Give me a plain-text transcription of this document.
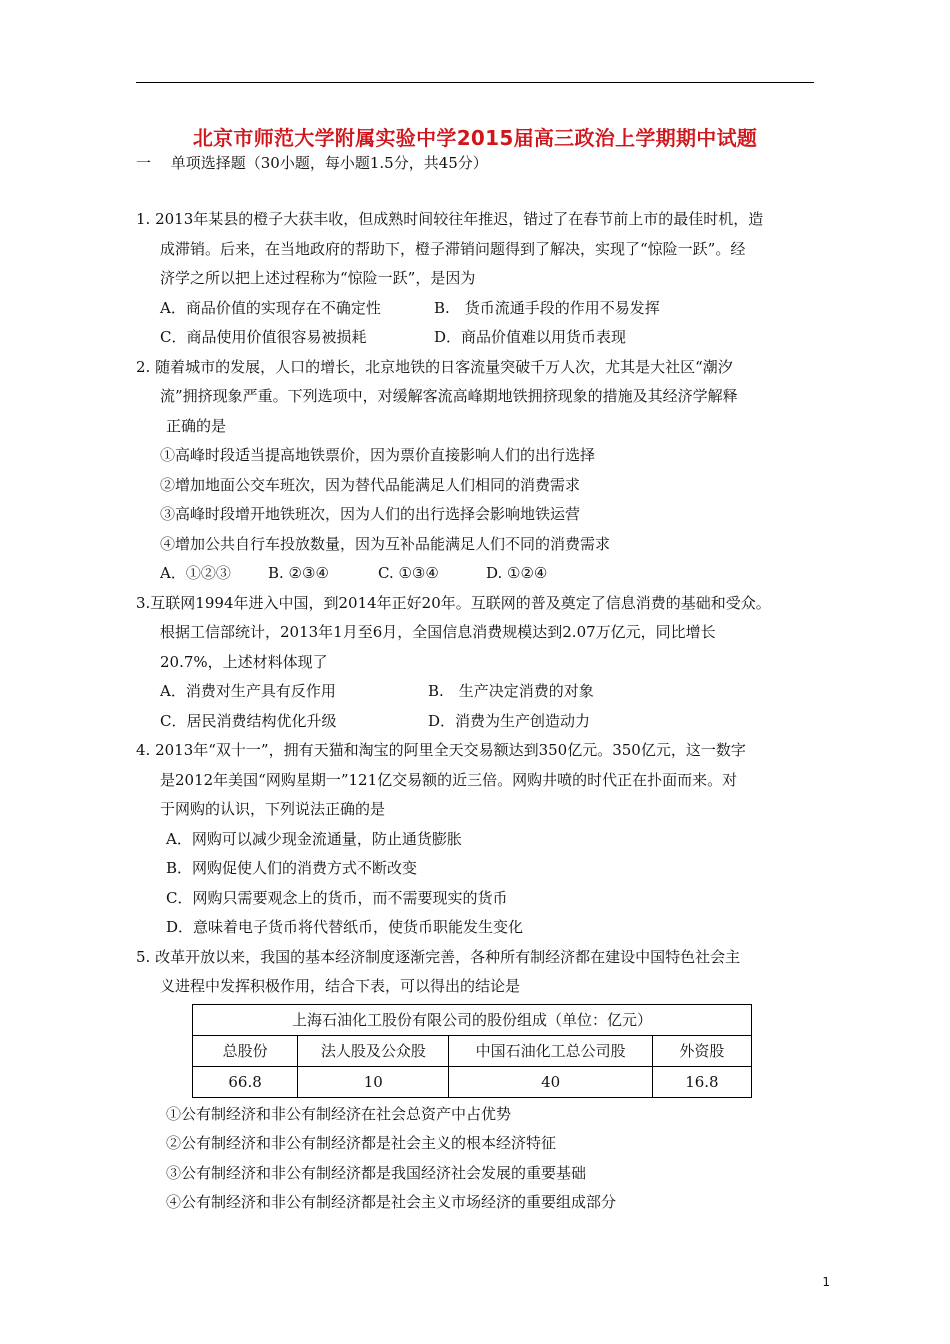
北京市师范大学附属实验中学2015届高三政治上学期期中试题
一　 单项选择题（30小题，每小题1.5分，共45分）
1. 2013年某县的橙子大获丰收，但成熟时间较往年推迟，错过了在春节前上市的最佳时机，造
成滞销。后来，在当地政府的帮助下，橙子滞销问题得到了解决，实现了“惊险一跃”。经
济学之所以把上述过程称为“惊险一跃”，是因为
A．商品价值的实现存在不确定性	B.　货币流通手段的作用不易发挥
C．商品使用价值很容易被损耗	D．商品价值难以用货币表现
2. 随着城市的发展，人口的增长，北京地铁的日客流量突破千万人次，尤其是大社区“潮汐
流”拥挤现象严重。下列选项中，对缓解客流高峰期地铁拥挤现象的措施及其经济学解释
正确的是
①高峰时段适当提高地铁票价，因为票价直接影响人们的出行选择
②增加地面公交车班次，因为替代品能满足人们相同的消费需求
③高峰时段增开地铁班次，因为人们的出行选择会影响地铁运营
④增加公共自行车投放数量，因为互补品能满足人们不同的消费需求
A．①②③	B. ②③④	C. ①③④	D. ①②④
3.互联网1994年进入中国，到2014年正好20年。互联网的普及奠定了信息消费的基础和受众。
根据工信部统计，2013年1月至6月，全国信息消费规模达到2.07万亿元，同比增长
20.7%，上述材料体现了
A．消费对生产具有反作用	B.　生产决定消费的对象
C．居民消费结构优化升级	D．消费为生产创造动力
4. 2013年“双十一”，拥有天猫和淘宝的阿里全天交易额达到350亿元。350亿元，这一数字
是2012年美国“网购星期一”121亿交易额的近三倍。网购井喷的时代正在扑面而来。对
于网购的认识，下列说法正确的是
A．网购可以减少现金流通量，防止通货膨胀
B．网购促使人们的消费方式不断改变
C．网购只需要观念上的货币，而不需要现实的货币
D．意味着电子货币将代替纸币，使货币职能发生变化
5. 改革开放以来，我国的基本经济制度逐渐完善，各种所有制经济都在建设中国特色社会主
义进程中发挥积极作用，结合下表，可以得出的结论是
上海石油化工股份有限公司的股份组成（单位：亿元）			
总股份	法人股及公众股	中国石油化工总公司股	外资股
66.8	10	40	16.8
①公有制经济和非公有制经济在社会总资产中占优势
②公有制经济和非公有制经济都是社会主义的根本经济特征
③公有制经济和非公有制经济都是我国经济社会发展的重要基础
④公有制经济和非公有制经济都是社会主义市场经济的重要组成部分
1
